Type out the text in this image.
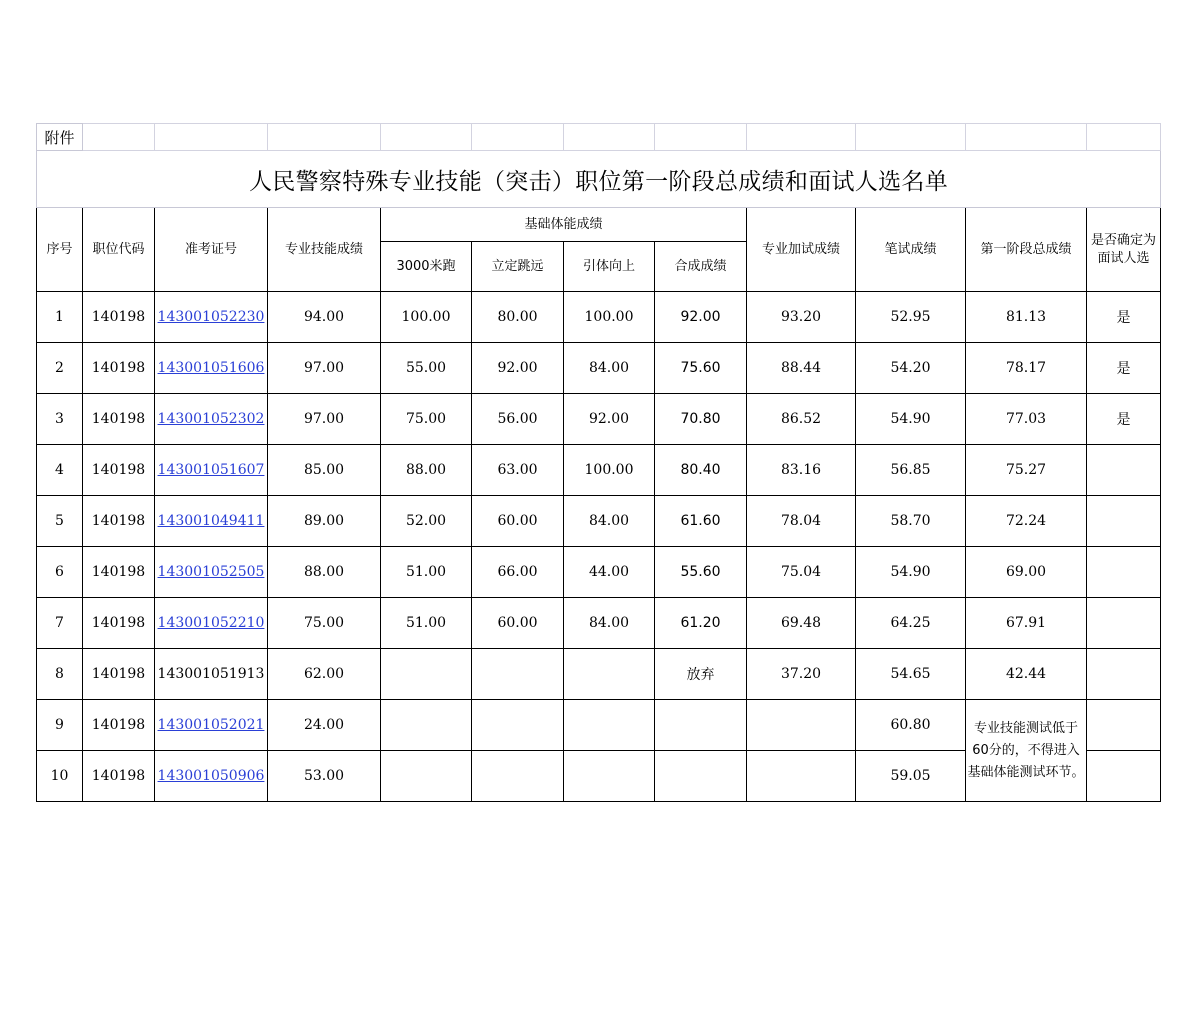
附件											
人民警察特殊专业技能（突击）职位第一阶段总成绩和面试人选名单											
序号	职位代码	准考证号	专业技能成绩	基础体能成绩				专业加试成绩	笔试成绩	第一阶段总成绩	是否确定为面试人选
				3000米跑	立定跳远	引体向上	合成成绩				
1	140198	143001052230	94.00	100.00	80.00	100.00	92.00	93.20	52.95	81.13	是
2	140198	143001051606	97.00	55.00	92.00	84.00	75.60	88.44	54.20	78.17	是
3	140198	143001052302	97.00	75.00	56.00	92.00	70.80	86.52	54.90	77.03	是
4	140198	143001051607	85.00	88.00	63.00	100.00	80.40	83.16	56.85	75.27	
5	140198	143001049411	89.00	52.00	60.00	84.00	61.60	78.04	58.70	72.24	
6	140198	143001052505	88.00	51.00	66.00	44.00	55.60	75.04	54.90	69.00	
7	140198	143001052210	75.00	51.00	60.00	84.00	61.20	69.48	64.25	67.91	
8	140198	143001051913	62.00				放弃	37.20	54.65	42.44	
9	140198	143001052021	24.00						60.80	专业技能测试低于60分的，不得进入基础体能测试环节。	
10	140198	143001050906	53.00						59.05		
